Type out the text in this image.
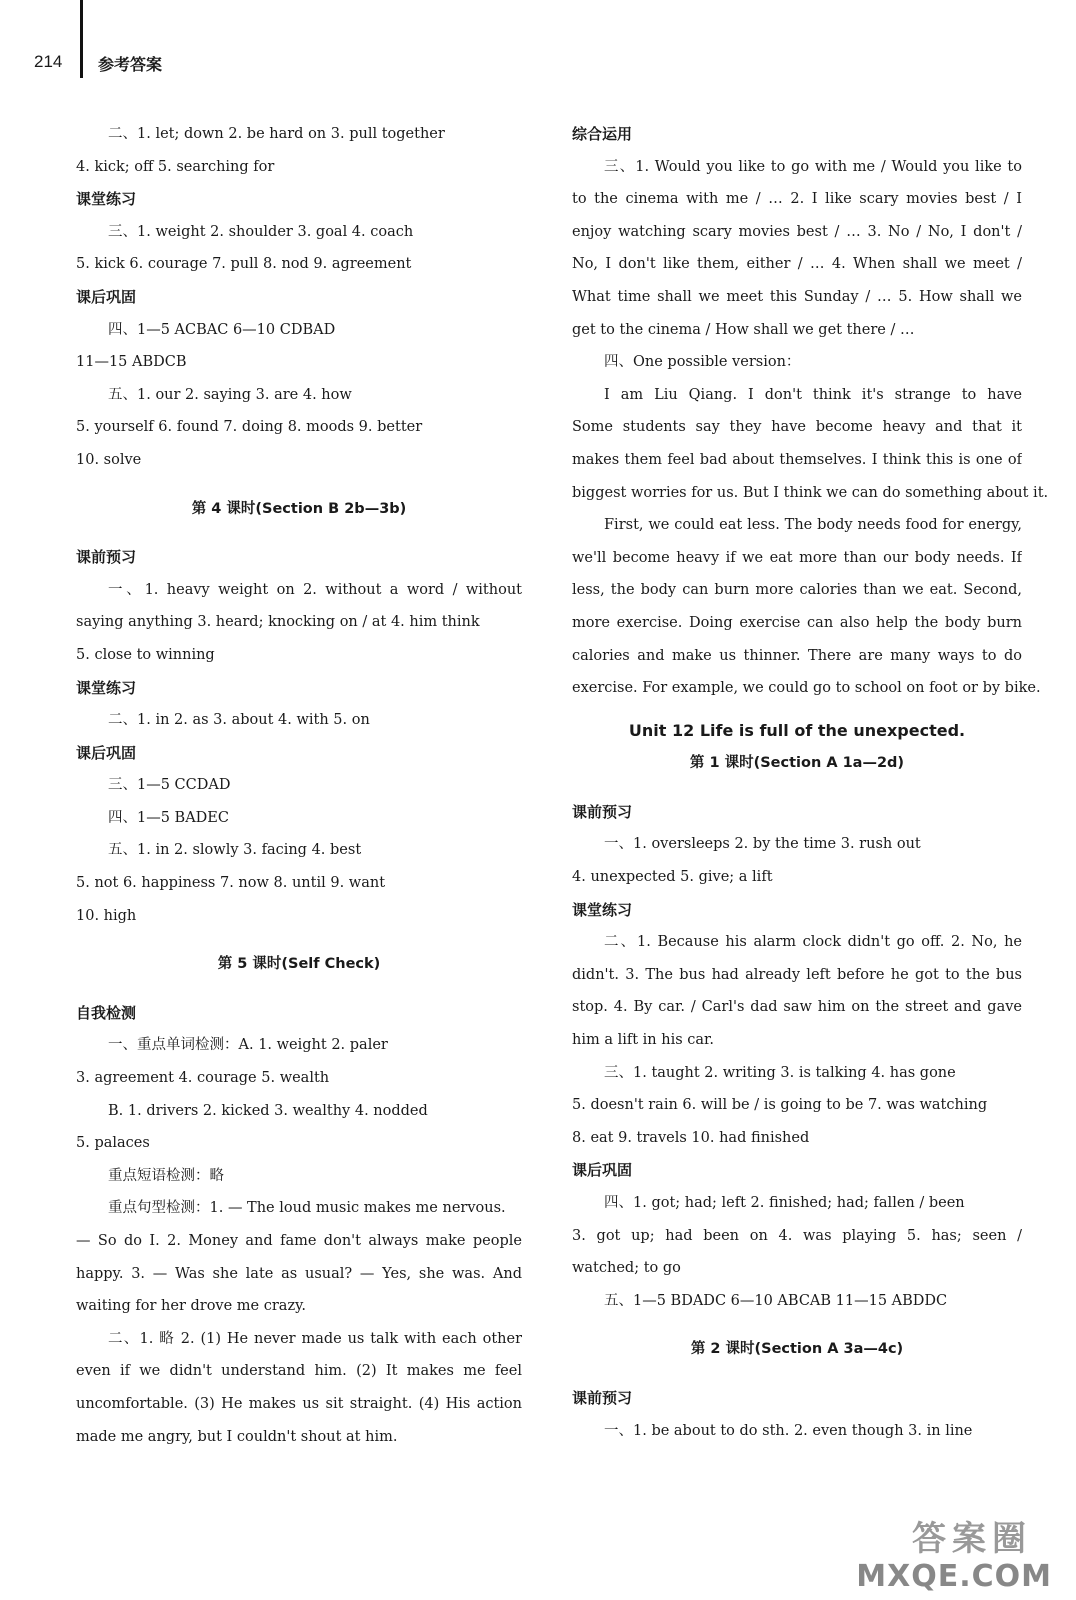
214 参考答案
二、1. let; down 2. be hard on 3. pull together
4. kick; off 5. searching for
课堂练习
三、1. weight 2. shoulder 3. goal 4. coach
5. kick 6. courage 7. pull 8. nod 9. agreement
课后巩固
四、1—5 ACBAC 6—10 CDBAD
11—15 ABDCB
五、1. our 2. saying 3. are 4. how
5. yourself 6. found 7. doing 8. moods 9. better
10. solve
第 4 课时(Section B 2b—3b)
课前预习
一、1. heavy weight on 2. without a word / without
saying anything 3. heard; knocking on / at 4. him think
5. close to winning
课堂练习
二、1. in 2. as 3. about 4. with 5. on
课后巩固
三、1—5 CCDAD
四、1—5 BADEC
五、1. in 2. slowly 3. facing 4. best
5. not 6. happiness 7. now 8. until 9. want
10. high
第 5 课时(Self Check)
自我检测
一、重点单词检测：A. 1. weight 2. paler
3. agreement 4. courage 5. wealth
B. 1. drivers 2. kicked 3. wealthy 4. nodded
5. palaces
重点短语检测：略
重点句型检测：1. — The loud music makes me nervous.
— So do I. 2. Money and fame don't always make people
happy. 3. — Was she late as usual? — Yes, she was. And
waiting for her drove me crazy.
二、1. 略 2. (1) He never made us talk with each other
even if we didn't understand him. (2) It makes me feel
uncomfortable. (3) He makes us sit straight. (4) His action
made me angry, but I couldn't shout at him.
综合运用
三、1. Would you like to go with me / Would you like to
to the cinema with me / … 2. I like scary movies best / I
enjoy watching scary movies best / … 3. No / No, I don't /
No, I don't like them, either / … 4. When shall we meet /
What time shall we meet this Sunday / … 5. How shall we
get to the cinema / How shall we get there / …
四、One possible version：
I am Liu Qiang. I don't think it's strange to have
Some students say they have become heavy and that it
makes them feel bad about themselves. I think this is one of
biggest worries for us. But I think we can do something about it.
First, we could eat less. The body needs food for energy,
we'll become heavy if we eat more than our body needs. If
less, the body can burn more calories than we eat. Second,
more exercise. Doing exercise can also help the body burn
calories and make us thinner. There are many ways to do
exercise. For example, we could go to school on foot or by bike.
Unit 12 Life is full of the unexpected.
第 1 课时(Section A 1a—2d)
课前预习
一、1. oversleeps 2. by the time 3. rush out
4. unexpected 5. give; a lift
课堂练习
二、1. Because his alarm clock didn't go off. 2. No, he
didn't. 3. The bus had already left before he got to the bus
stop. 4. By car. / Carl's dad saw him on the street and gave
him a lift in his car.
三、1. taught 2. writing 3. is talking 4. has gone
5. doesn't rain 6. will be / is going to be 7. was watching
8. eat 9. travels 10. had finished
课后巩固
四、1. got; had; left 2. finished; had; fallen / been
3. got up; had been on 4. was playing 5. has; seen /
watched; to go
五、1—5 BDADC 6—10 ABCAB 11—15 ABDDC
第 2 课时(Section A 3a—4c)
课前预习
一、1. be about to do sth. 2. even though 3. in line
答案圈
MXQE.COM
